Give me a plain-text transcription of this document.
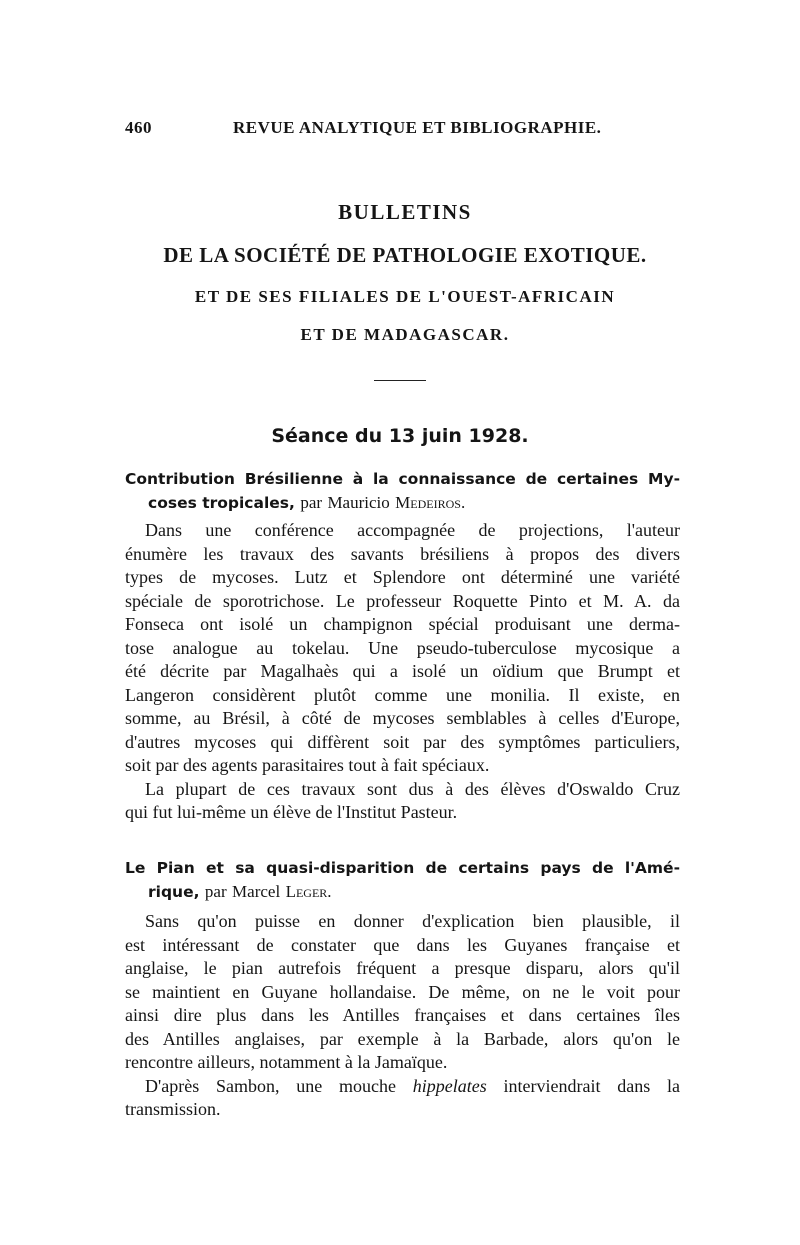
460	REVUE ANALYTIQUE ET BIBLIOGRAPHIE.
BULLETINS
DE LA SOCIÉTÉ DE PATHOLOGIE EXOTIQUE.
ET DE SES FILIALES DE L'OUEST-AFRICAIN
ET DE MADAGASCAR.
Séance du 13 juin 1928.
Contribution Brésilienne à la connaissance de certaines My-
coses tropicales, par Mauricio Medeiros.
Dans une conférence accompagnée de projections, l'auteur
énumère les travaux des savants brésiliens à propos des divers
types de mycoses. Lutz et Splendore ont déterminé une variété
spéciale de sporotrichose. Le professeur Roquette Pinto et M. A. da
Fonseca ont isolé un champignon spécial produisant une derma-
tose analogue au tokelau. Une pseudo-tuberculose mycosique a
été décrite par Magalhaès qui a isolé un oïdium que Brumpt et
Langeron considèrent plutôt comme une monilia. Il existe, en
somme, au Brésil, à côté de mycoses semblables à celles d'Europe,
d'autres mycoses qui diffèrent soit par des symptômes particuliers,
soit par des agents parasitaires tout à fait spéciaux.
La plupart de ces travaux sont dus à des élèves d'Oswaldo Cruz
qui fut lui-même un élève de l'Institut Pasteur.
Le Pian et sa quasi-disparition de certains pays de l'Amé-
rique, par Marcel Leger.
Sans qu'on puisse en donner d'explication bien plausible, il
est intéressant de constater que dans les Guyanes française et
anglaise, le pian autrefois fréquent a presque disparu, alors qu'il
se maintient en Guyane hollandaise. De même, on ne le voit pour
ainsi dire plus dans les Antilles françaises et dans certaines îles
des Antilles anglaises, par exemple à la Barbade, alors qu'on le
rencontre ailleurs, notamment à la Jamaïque.
D'après Sambon, une mouche hippelates interviendrait dans la
transmission.
